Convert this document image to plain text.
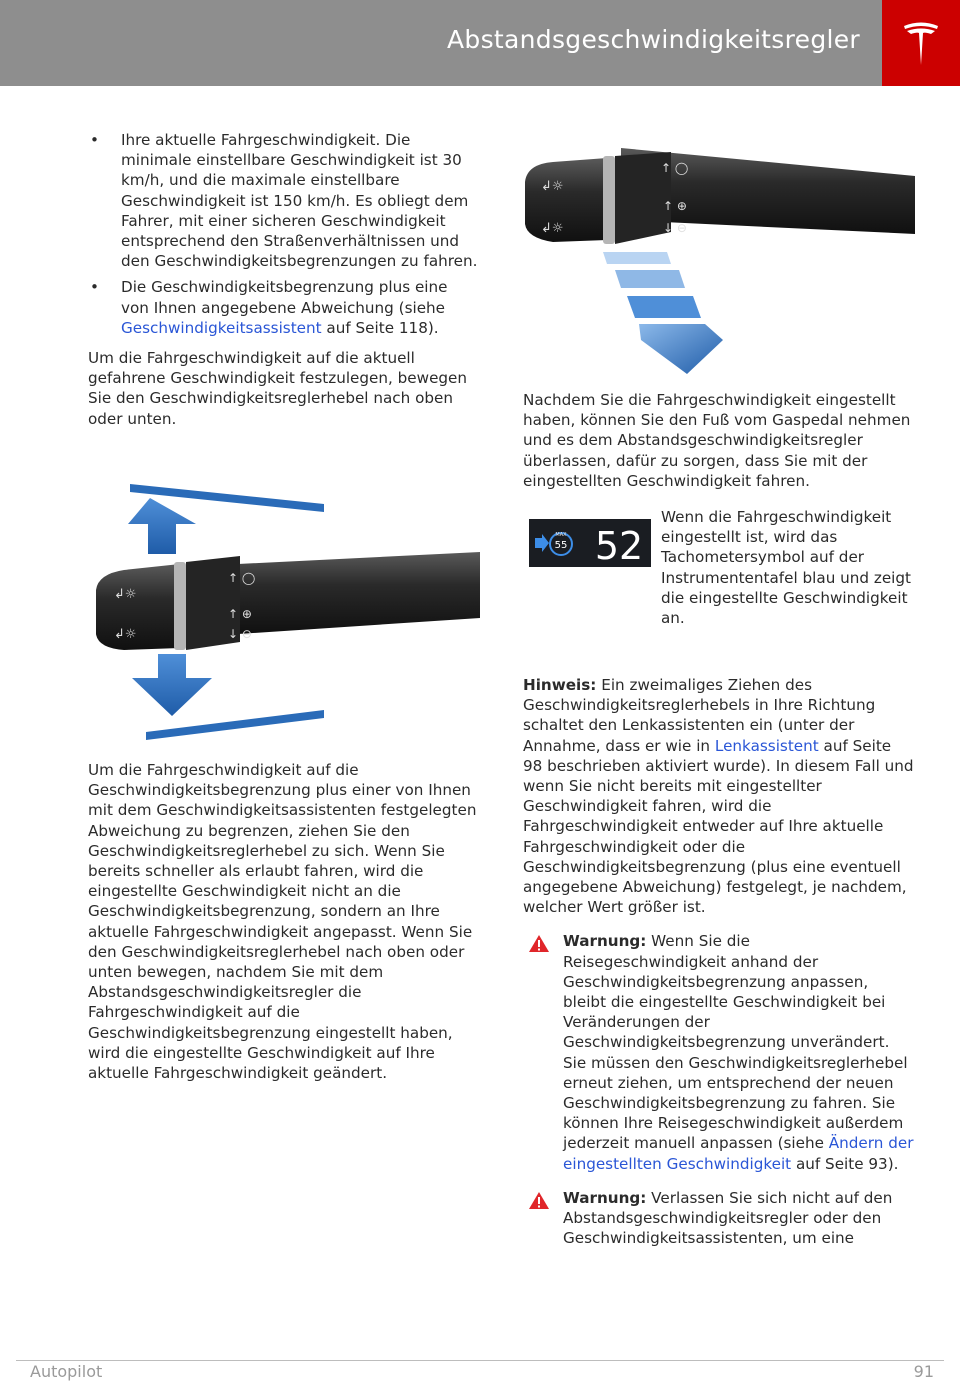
Abstandsgeschwindigkeitsregler
• Ihre aktuelle Fahrgeschwindigkeit. Die minimale einstellbare Geschwindigkeit ist 30 km/h, und die maximale einstellbare Geschwindigkeit ist 150 km/h. Es obliegt dem Fahrer, mit einer sicheren Geschwindigkeit entsprechend den Straßenverhältnissen und den Geschwindigkeitsbegrenzungen zu fahren.
• Die Geschwindigkeitsbegrenzung plus eine von Ihnen angegebene Abweichung (siehe Geschwindigkeitsassistent auf Seite 118).

Um die Fahrgeschwindigkeit auf die aktuell gefahrene Geschwindigkeit festzulegen, bewegen Sie den Geschwindigkeitsreglerhebel nach oben oder unten.

↲☼
↲☼
↑ ◯
↑ ⊕
↓ ⊖

Um die Fahrgeschwindigkeit auf die Geschwindigkeitsbegrenzung plus einer von Ihnen mit dem Geschwindigkeitsassistenten festgelegten Abweichung zu begrenzen, ziehen Sie den Geschwindigkeitsreglerhebel zu sich. Wenn Sie bereits schneller als erlaubt fahren, wird die eingestellte Geschwindigkeit nicht an die Geschwindigkeitsbegrenzung, sondern an Ihre aktuelle Fahrgeschwindigkeit angepasst. Wenn Sie den Geschwindigkeitsreglerhebel nach oben oder unten bewegen, nachdem Sie mit dem Abstandsgeschwindigkeitsregler die Fahrgeschwindigkeit auf die Geschwindigkeitsbegrenzung eingestellt haben, wird die eingestellte Geschwindigkeit auf Ihre aktuelle Fahrgeschwindigkeit geändert.

↲☼
↲☼
↑ ◯
↑ ⊕
↓ ⊖

Nachdem Sie die Fahrgeschwindigkeit eingestellt haben, können Sie den Fuß vom Gaspedal nehmen und es dem Abstandsgeschwindigkeitsregler überlassen, dafür zu sorgen, dass Sie mit der eingestellten Geschwindigkeit fahren.

MAX
55 52
Wenn die Fahrgeschwindigkeit eingestellt ist, wird das Tachometersymbol auf der Instrumententafel blau und zeigt die eingestellte Geschwindigkeit an.

Hinweis: Ein zweimaliges Ziehen des Geschwindigkeitsreglerhebels in Ihre Richtung schaltet den Lenkassistenten ein (unter der Annahme, dass er wie in Lenkassistent auf Seite 98 beschrieben aktiviert wurde). In diesem Fall und wenn Sie nicht bereits mit eingestellter Geschwindigkeit fahren, wird die Fahrgeschwindigkeit entweder auf Ihre aktuelle Fahrgeschwindigkeit oder die Geschwindigkeitsbegrenzung (plus eine eventuell angegebene Abweichung) festgelegt, je nachdem, welcher Wert größer ist.

Warnung: Wenn Sie die Reisegeschwindigkeit anhand der Geschwindigkeitsbegrenzung anpassen, bleibt die eingestellte Geschwindigkeit bei Veränderungen der Geschwindigkeitsbegrenzung unverändert. Sie müssen den Geschwindigkeitsreglerhebel erneut ziehen, um entsprechend der neuen Geschwindigkeitsbegrenzung zu fahren. Sie können Ihre Reisegeschwindigkeit außerdem jederzeit manuell anpassen (siehe Ändern der eingestellten Geschwindigkeit auf Seite 93).
Warnung: Verlassen Sie sich nicht auf den Abstandsgeschwindigkeitsregler oder den Geschwindigkeitsassistenten, um eine
Autopilot	91
